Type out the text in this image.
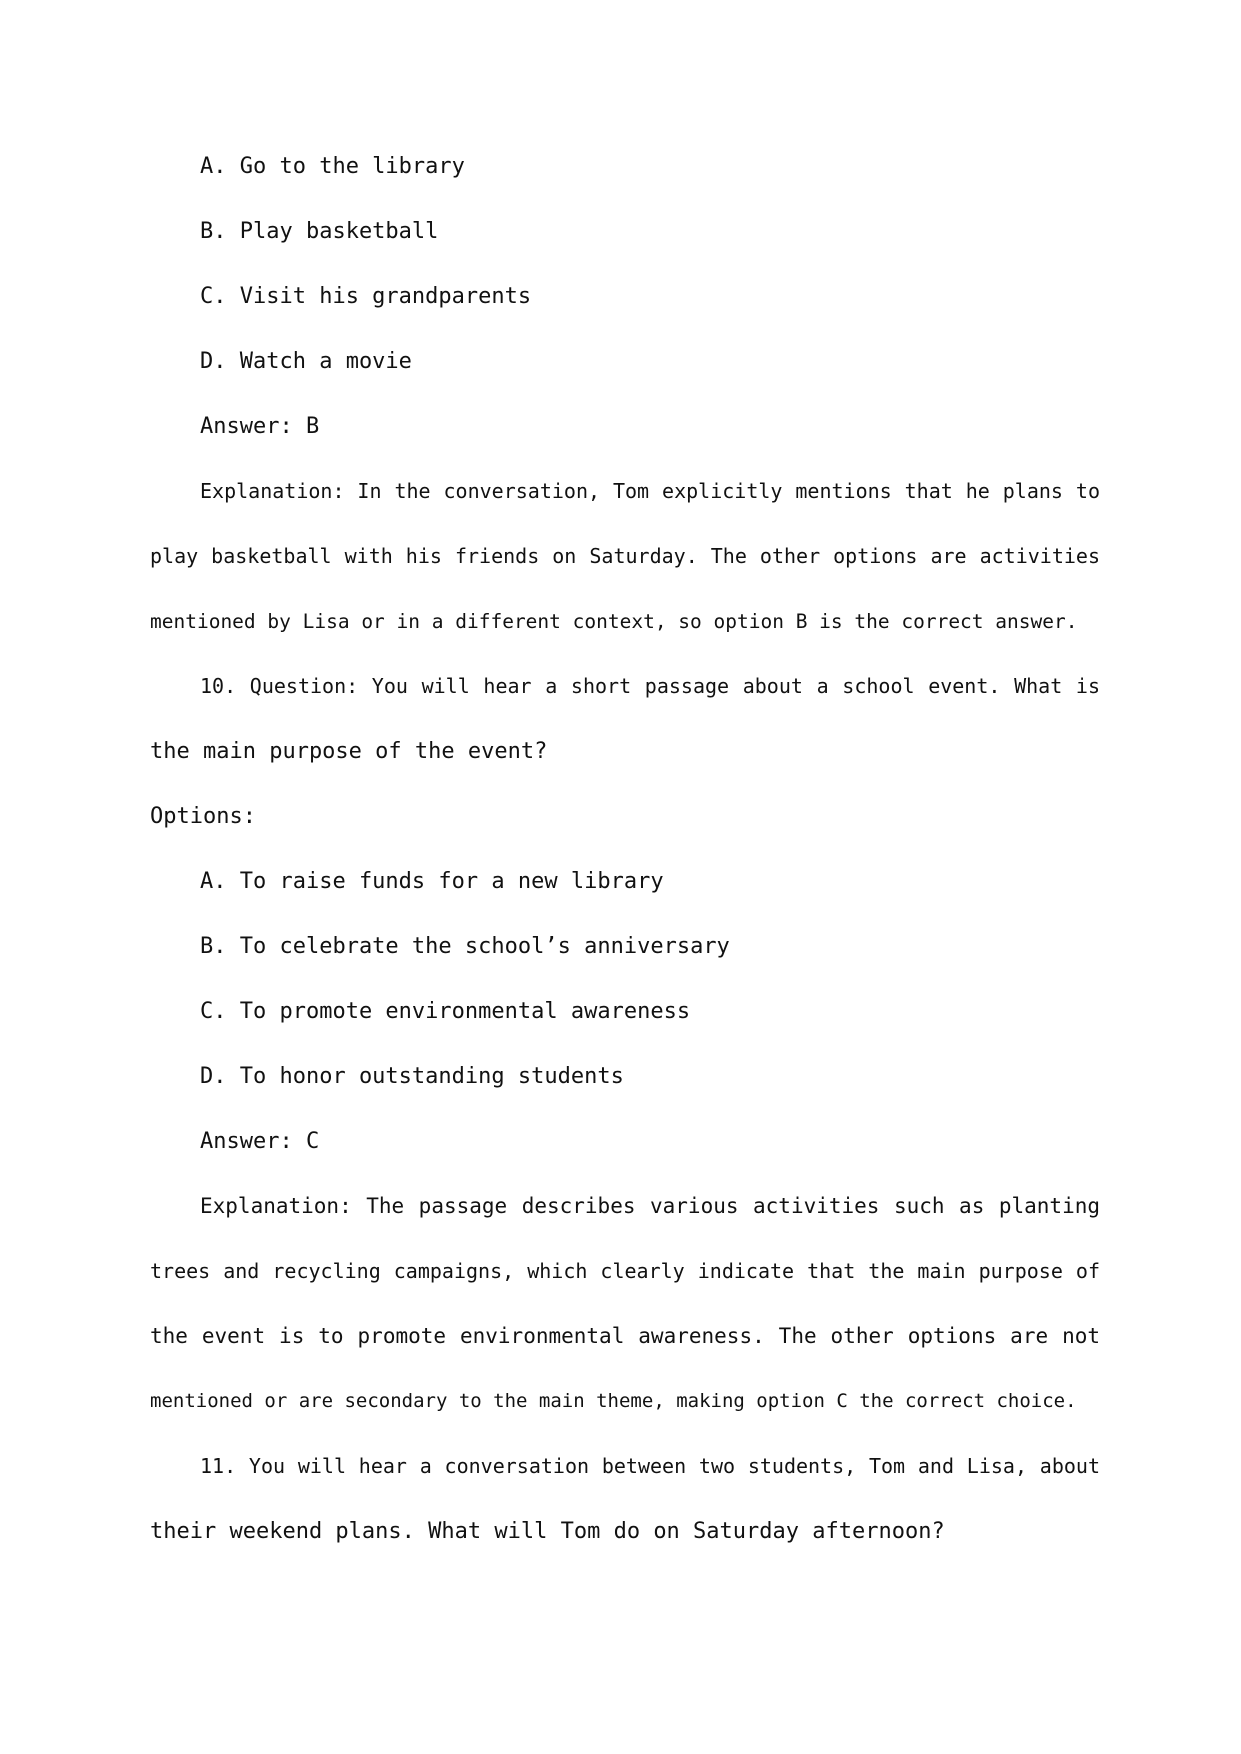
A. Go to the library
B. Play basketball
C. Visit his grandparents
D. Watch a movie
Answer: B
Explanation: In the conversation, Tom explicitly mentions that he plans to
play basketball with his friends on Saturday. The other options are activities
mentioned by Lisa or in a different context, so option B is the correct answer.
10. Question: You will hear a short passage about a school event. What is
the main purpose of the event?
Options:
A. To raise funds for a new library
B. To celebrate the school’s anniversary
C. To promote environmental awareness
D. To honor outstanding students
Answer: C
Explanation: The passage describes various activities such as planting
trees and recycling campaigns, which clearly indicate that the main purpose of
the event is to promote environmental awareness. The other options are not
mentioned or are secondary to the main theme, making option C the correct choice.
11. You will hear a conversation between two students, Tom and Lisa, about
their weekend plans. What will Tom do on Saturday afternoon?
